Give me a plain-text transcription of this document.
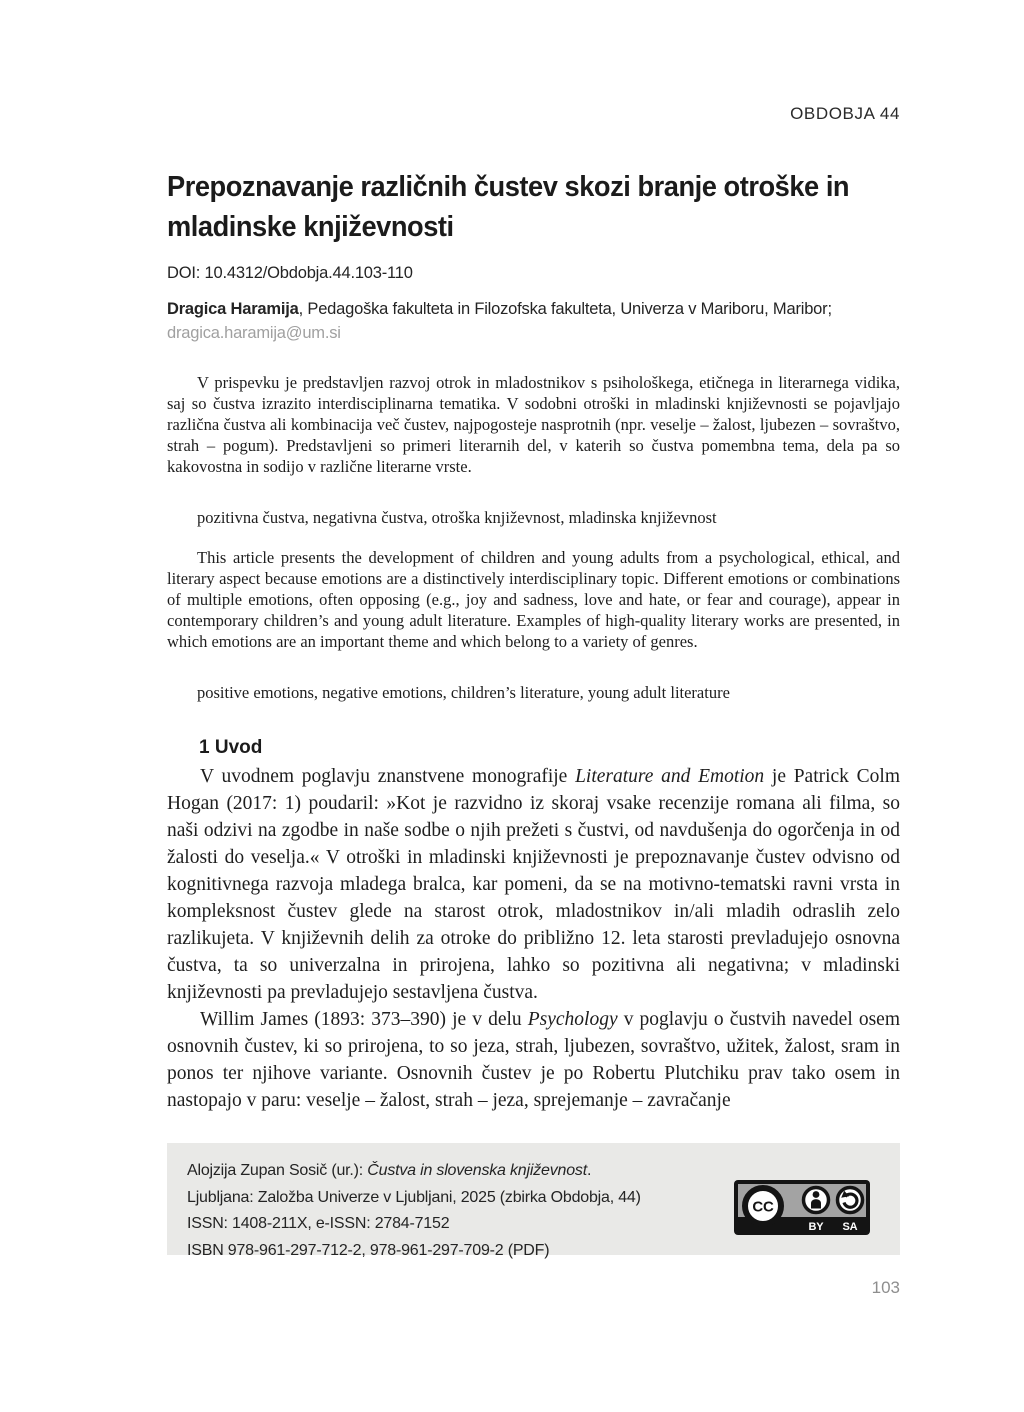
OBDOBJA 44
Prepoznavanje različnih čustev skozi branje otroške in
mladinske književnosti
DOI: 10.4312/Obdobja.44.103-110
Dragica Haramija, Pedagoška fakulteta in Filozofska fakulteta, Univerza v Mariboru, Maribor;
dragica.haramija@um.si

V prispevku je predstavljen razvoj otrok in mladostnikov s psihološkega, etičnega in literarnega vidika, saj so čustva izrazito interdisciplinarna tematika. V sodobni otroški in mladinski književnosti se pojavljajo različna čustva ali kombinacija več čustev, najpogosteje nasprotnih (npr. veselje – žalost, ljubezen – sovraštvo, strah – pogum). Predstavljeni so primeri literarnih del, v katerih so čustva pomembna tema, dela pa so kakovostna in sodijo v različne literarne vrste.

pozitivna čustva, negativna čustva, otroška književnost, mladinska književnost

This article presents the development of children and young adults from a psychological, ethical, and literary aspect because emotions are a distinctively interdisciplinary topic. Different emotions or combinations of multiple emotions, often opposing (e.g., joy and sadness, love and hate, or fear and courage), appear in contemporary children’s and young adult literature. Examples of high-quality literary works are presented, in which emotions are an important theme and which belong to a variety of genres.

positive emotions, negative emotions, children’s literature, young adult literature

1 Uvod

V uvodnem poglavju znanstvene monografije Literature and Emotion je Patrick Colm Hogan (2017: 1) poudaril: »Kot je razvidno iz skoraj vsake recenzije romana ali filma, so naši odzivi na zgodbe in naše sodbe o njih prežeti s čustvi, od navdušenja do ogorčenja in od žalosti do veselja.« V otroški in mladinski književnosti je prepoznavanje čustev odvisno od kognitivnega razvoja mladega bralca, kar pomeni, da se na motivno-tematski ravni vrsta in kompleksnost čustev glede na starost otrok, mladostnikov in/ali mladih odraslih zelo razlikujeta. V književnih delih za otroke do približno 12. leta starosti prevladujejo osnovna čustva, ta so univerzalna in prirojena, lahko so pozitivna ali negativna; v mladinski književnosti pa prevladujejo sestavljena čustva.

Willim James (1893: 373–390) je v delu Psychology v poglavju o čustvih navedel osem osnovnih čustev, ki so prirojena, to so jeza, strah, ljubezen, sovraštvo, užitek, žalost, sram in ponos ter njihove variante. Osnovnih čustev je po Robertu Plutchiku prav tako osem in nastopajo v paru: veselje – žalost, strah – jeza, sprejemanje – zavračanje

Alojzija Zupan Sosič (ur.): Čustva in slovenska književnost.
Ljubljana: Založba Univerze v Ljubljani, 2025 (zbirka Obdobja, 44)
ISSN: 1408-211X, e-ISSN: 2784-7152
ISBN 978-961-297-712-2, 978-961-297-709-2 (PDF)
CC
BY SA
103
